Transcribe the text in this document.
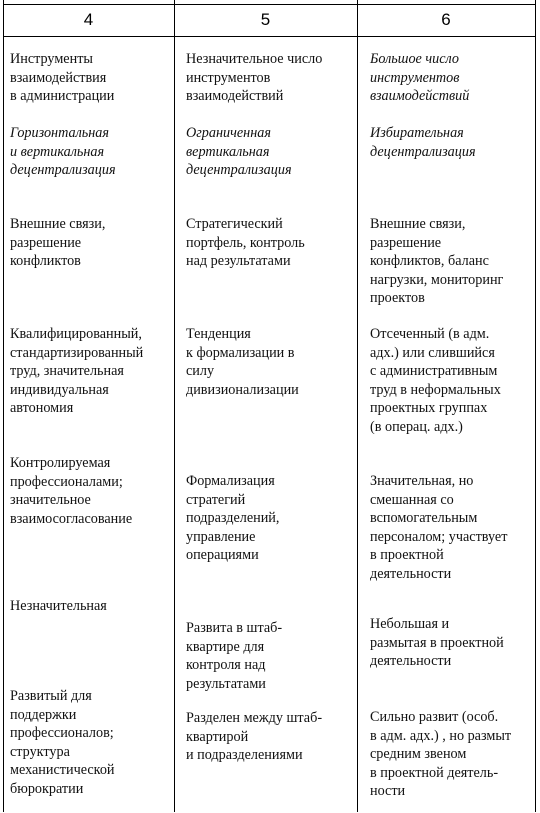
4	5	6
Инструменты
взаимодействия
в администрации
Незначительное число
инструментов
взаимодействий
Большое число
инструментов
взаимодействий
Горизонтальная
и вертикальная
децентрализация
Ограниченная
вертикальная
децентрализация
Избирательная
децентрализация
Внешние связи,
разрешение
конфликтов
Стратегический
портфель, контроль
над результатами
Внешние связи,
разрешение
конфликтов, баланс
нагрузки, мониторинг
проектов
Квалифицированный,
стандартизированный
труд, значительная
индивидуальная
автономия
Тенденция
к формализации в
силу
дивизионализации
Отсеченный (в адм.
адх.) или слившийся
с административным
труд в неформальных
проектных группах
(в операц. адх.)
Контролируемая
профессионалами;
значительное
взаимосогласование
Формализация
стратегий
подразделений,
управление
операциями
Значительная, но
смешанная со
вспомогательным
персоналом; участвует
в проектной
деятельности
Незначительная
Развита в штаб-
квартире для
контроля над
результатами
Небольшая и
размытая в проектной
деятельности
Развитый для
поддержки
профессионалов;
структура
механистической
бюрократии
Разделен между штаб-
квартирой
и подразделениями
Сильно развит (особ.
в адм. адх.) , но размыт
средним звеном
в проектной деятель-
ности
